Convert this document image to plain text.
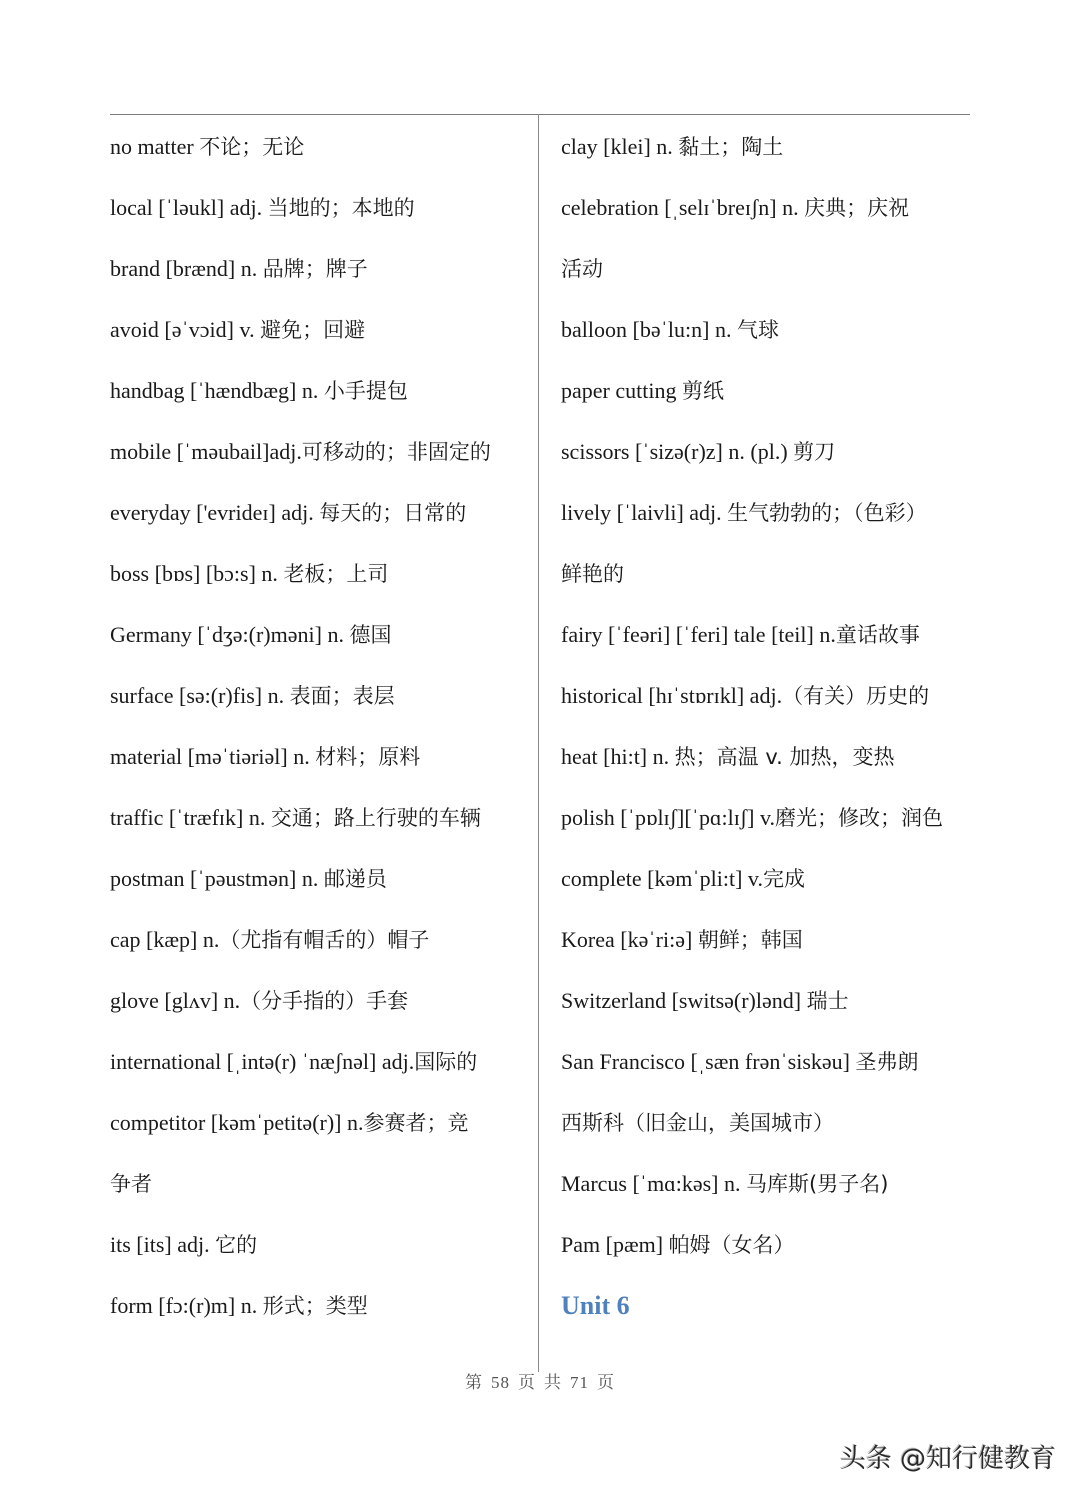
no matter 不论；无论
local [ˈləukl] adj. 当地的；本地的
brand [brænd] n. 品牌；牌子
avoid [əˈvɔid] v. 避免；回避
handbag [ˈhændbæg] n. 小手提包
mobile [ˈməubail]adj.可移动的；非固定的
everyday ['evrideɪ] adj. 每天的；日常的
boss [bɒs] [bɔ:s] n. 老板；上司
Germany [ˈdʒə:(r)məni] n. 德国
surface [sə:(r)fis] n. 表面；表层
material [məˈtiəriəl] n. 材料；原料
traffic [ˈtræfɪk] n. 交通；路上行驶的车辆
postman [ˈpəustmən] n. 邮递员
cap [kæp] n.（尤指有帽舌的）帽子
glove [glʌv] n.（分手指的）手套
international [ˌintə(r) ˈnæʃnəl] adj.国际的
competitor [kəmˈpetitə(r)] n.参赛者；竞
争者
its [its] adj. 它的
form [fɔ:(r)m] n. 形式；类型
clay [klei] n. 黏土；陶土
celebration [ˌselɪˈbreɪʃn] n. 庆典；庆祝
活动
balloon [bəˈlu:n] n. 气球
paper cutting 剪纸
scissors [ˈsizə(r)z] n. (pl.) 剪刀
lively [ˈlaivli] adj. 生气勃勃的；（色彩）
鲜艳的
fairy [ˈfeəri] [ˈferi] tale [teil] n.童话故事
historical [hɪˈstɒrɪkl] adj.（有关）历史的
heat [hi:t] n. 热；高温 v. 加热，变热
polish [ˈpɒlɪʃ][ˈpɑ:lɪʃ] v.磨光；修改；润色
complete [kəmˈpli:t] v.完成
Korea [kəˈri:ə] 朝鲜；韩国
Switzerland [switsə(r)lənd] 瑞士
San Francisco [ˌsæn frənˈsiskəu] 圣弗朗
西斯科（旧金山，美国城市）
Marcus [ˈmɑ:kəs] n. 马库斯(男子名)
Pam [pæm] 帕姆（女名）
Unit 6
第 58 页 共 71 页
头条 @知行健教育
